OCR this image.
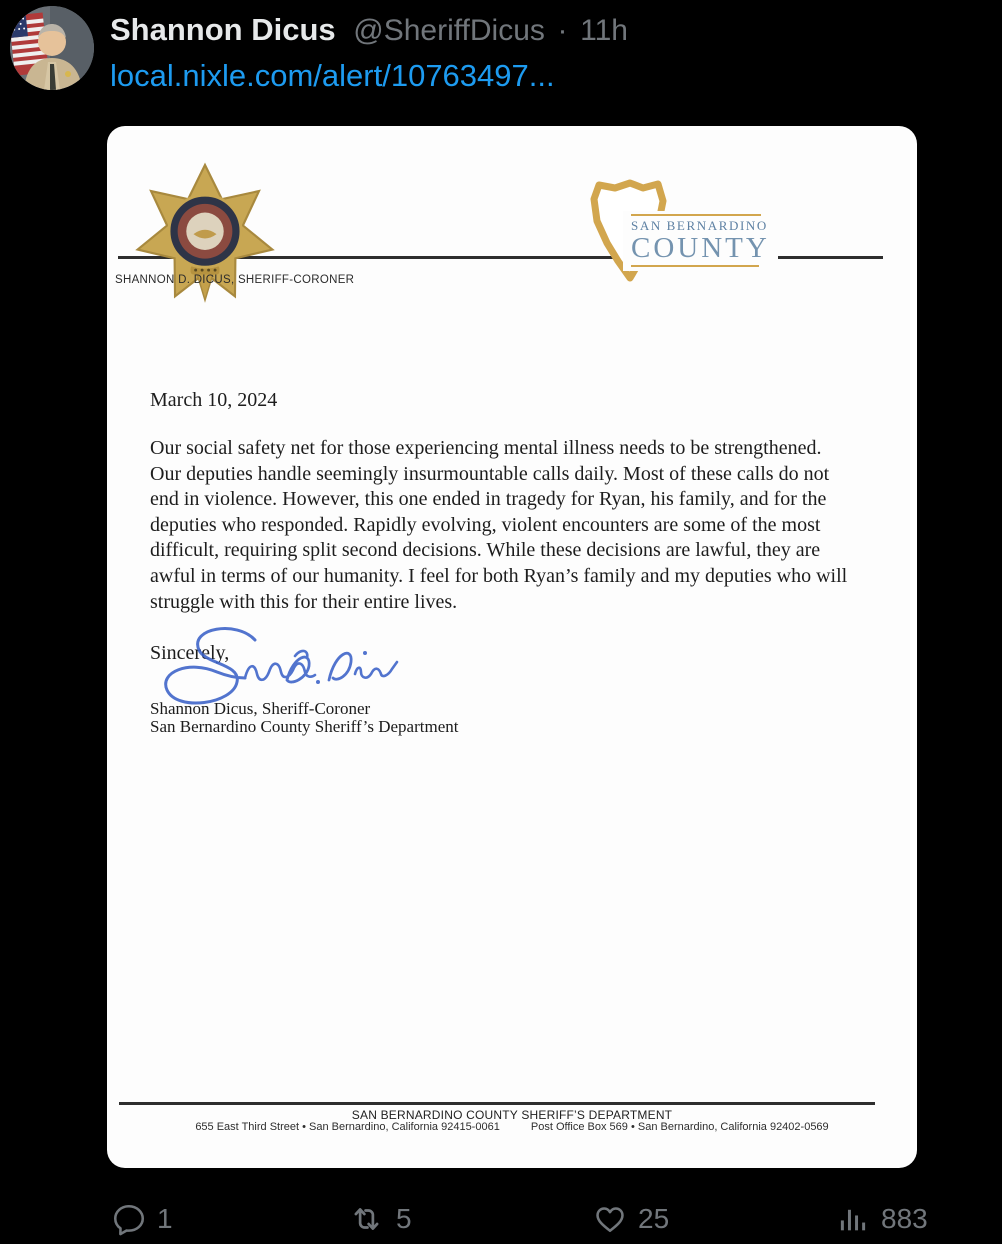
Shannon Dicus @SheriffDicus · 11h
local.nixle.com/alert/10763497...
SHANNON D. DICUS, SHERIFF-CORONER
SAN BERNARDINO
COUNTY
March 10, 2024
Our social safety net for those experiencing mental illness needs to be strengthened. Our deputies handle seemingly insurmountable calls daily. Most of these calls do not end in violence. However, this one ended in tragedy for Ryan, his family, and for the deputies who responded. Rapidly evolving, violent encounters are some of the most difficult, requiring split second decisions. While these decisions are lawful, they are awful in terms of our humanity. I feel for both Ryan’s family and my deputies who will struggle with this for their entire lives.
Sincerely,
Shannon Dicus, Sheriff-Coroner
San Bernardino County Sheriff’s Department
SAN BERNARDINO COUNTY SHERIFF’S DEPARTMENT
655 East Third Street • San Bernardino, California 92415-0061	Post Office Box 569 • San Bernardino, California 92402-0569
1	5	25	883
